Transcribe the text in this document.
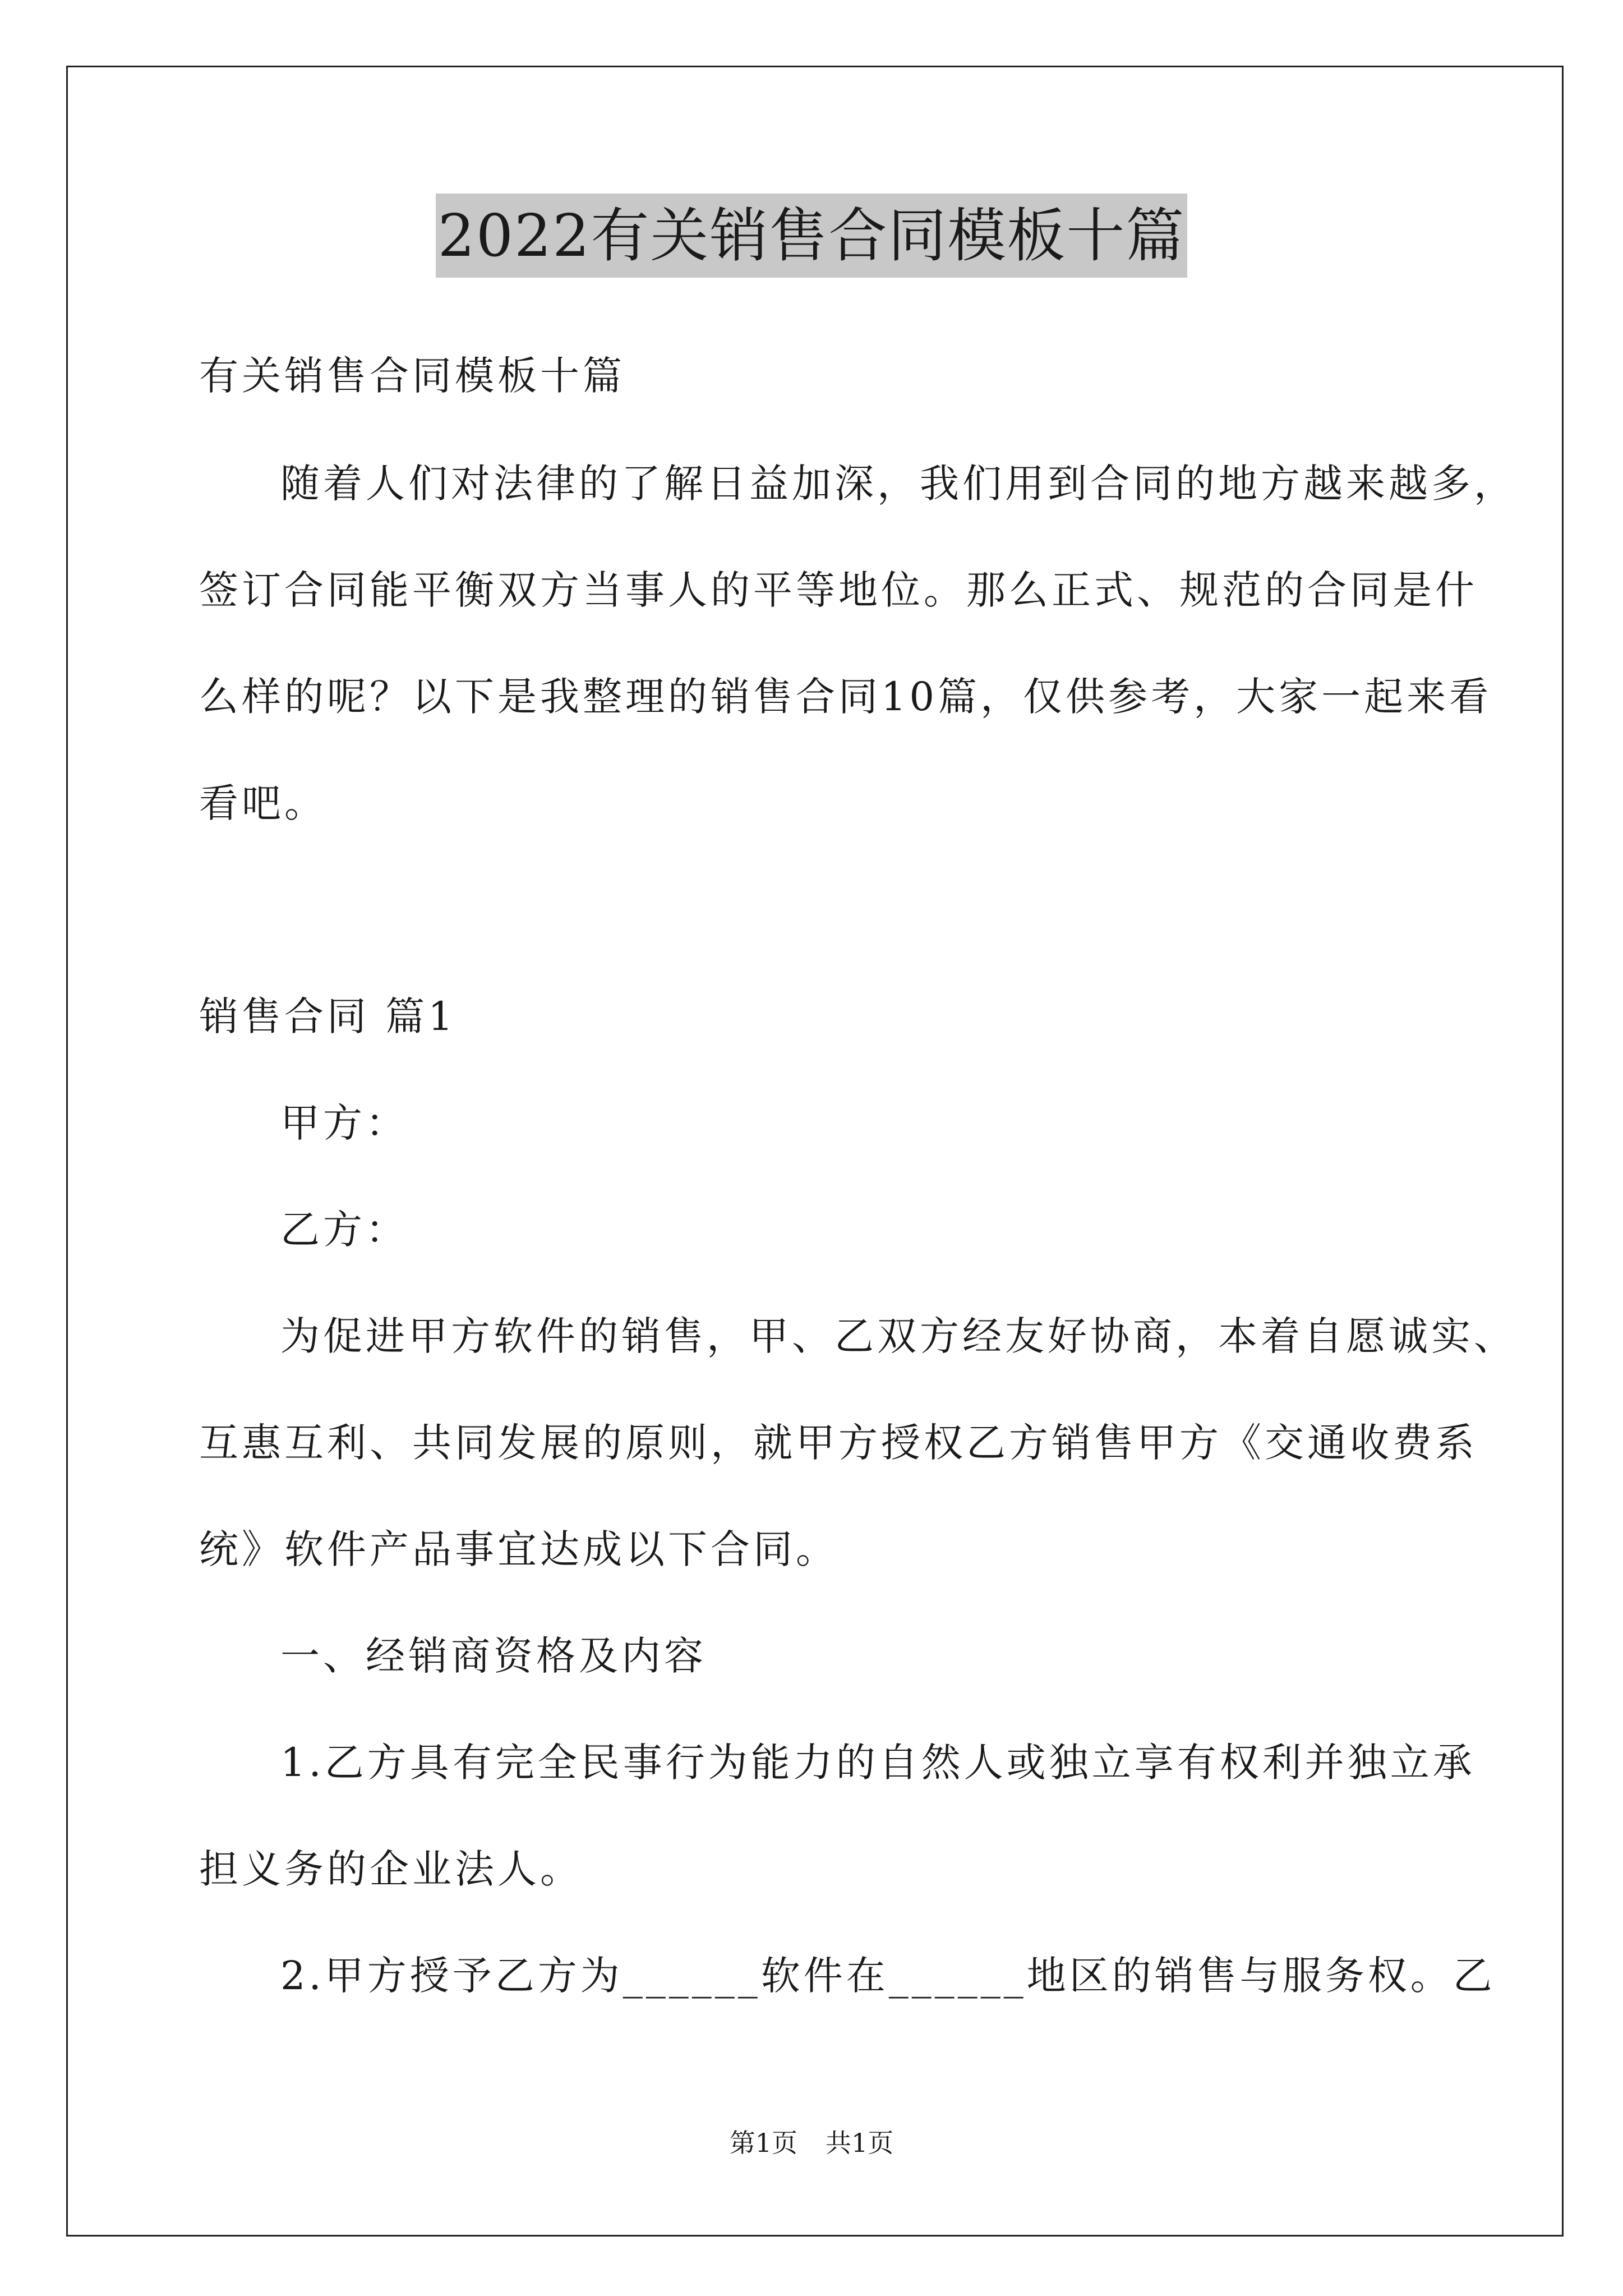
2022有关销售合同模板十篇
有关销售合同模板十篇
随着人们对法律的了解日益加深，我们用到合同的地方越来越多，
签订合同能平衡双方当事人的平等地位。那么正式、规范的合同是什
么样的呢？以下是我整理的销售合同10篇，仅供参考，大家一起来看
看吧。
销售合同 篇1
甲方：
乙方：
为促进甲方软件的销售，甲、乙双方经友好协商，本着自愿诚实、
互惠互利、共同发展的原则，就甲方授权乙方销售甲方《交通收费系
统》软件产品事宜达成以下合同。
一、经销商资格及内容
1.乙方具有完全民事行为能力的自然人或独立享有权利并独立承
担义务的企业法人。
2.甲方授予乙方为______软件在______地区的销售与服务权。乙
第1页 共1页
